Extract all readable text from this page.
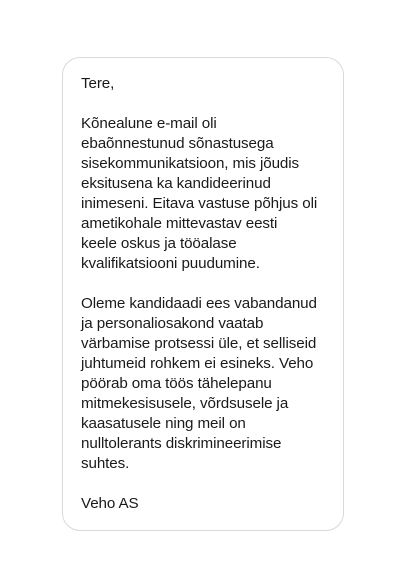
Tere,

Kõnealune e-mail oli
ebaõnnestunud sõnastusega
sisekommunikatsioon, mis jõudis
eksitusena ka kandideerinud
inimeseni. Eitava vastuse põhjus oli
ametikohale mittevastav eesti
keele oskus ja tööalase
kvalifikatsiooni puudumine.

Oleme kandidaadi ees vabandanud
ja personaliosakond vaatab
värbamise protsessi üle, et selliseid
juhtumeid rohkem ei esineks. Veho
pöörab oma töös tähelepanu
mitmekesisusele, võrdsusele ja
kaasatusele ning meil on
nulltolerants diskrimineerimise
suhtes.

Veho AS
